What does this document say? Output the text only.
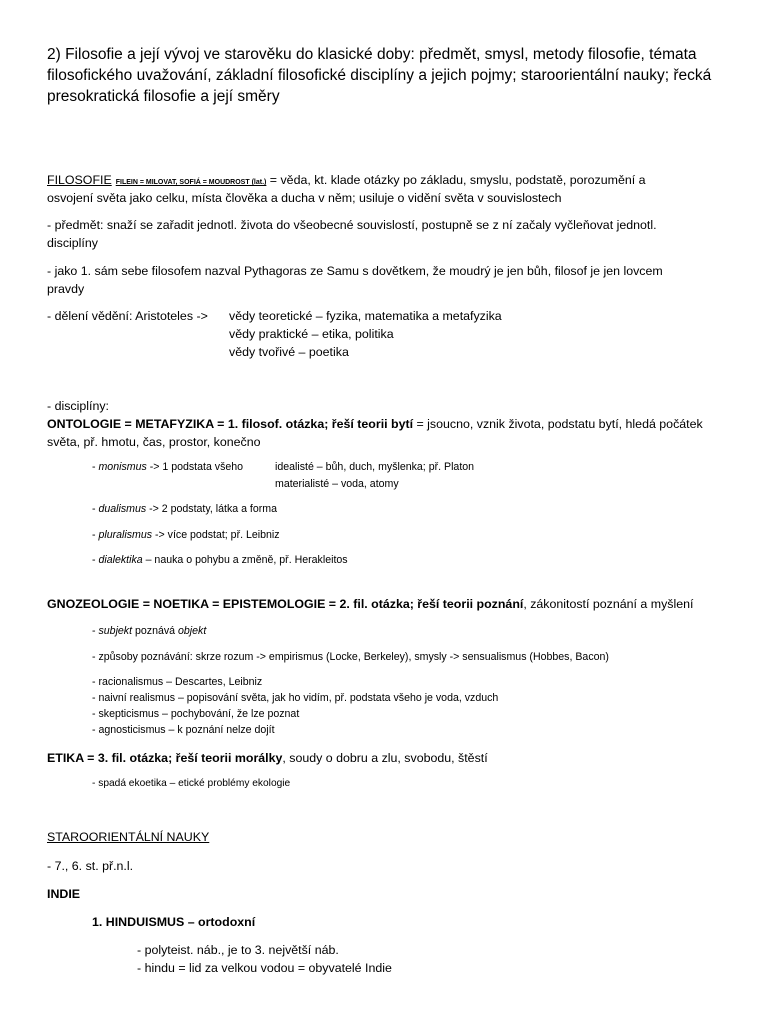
2) Filosofie a její vývoj ve starověku do klasické doby: předmět, smysl, metody filosofie, témata filosofického uvažování, základní filosofické disciplíny a jejich pojmy; staroorientální nauky; řecká presokratická filosofie a její směry
FILOSOFIE FILEIN = MILOVAT, SOFIÁ = MOUDROST (lat.) = věda, kt. klade otázky po základu, smyslu, podstatě, porozumění a
osvojení světa jako celku, místa člověka a ducha v něm; usiluje o vidění světa v souvislostech
- předmět: snaží se zařadit jednotl. života do všeobecné souvislostí, postupně se z ní začaly vyčleňovat jednotl.
disciplíny
- jako 1. sám sebe filosofem nazval Pythagoras ze Samu s dovětkem, že moudrý je jen bůh, filosof je jen lovcem
pravdy
- dělení vědění: Aristoteles -> vědy teoretické – fyzika, matematika a metafyzika
vědy praktické – etika, politika
vědy tvořivé – poetika
- disciplíny:
ONTOLOGIE = METAFYZIKA = 1. filosof. otázka; řeší teorii bytí = jsoucno, vznik života, podstatu bytí, hledá počátek
světa, př. hmotu, čas, prostor, konečno
- monismus -> 1 podstata všeho	idealisté – bůh, duch, myšlenka; př. Platon
materialisté – voda, atomy
- dualismus -> 2 podstaty, látka a forma
- pluralismus -> více podstat; př. Leibniz
- dialektika – nauka o pohybu a změně, př. Herakleitos
GNOZEOLOGIE = NOETIKA = EPISTEMOLOGIE = 2. fil. otázka; řeší teorii poznání, zákonitostí poznání a myšlení
- subjekt poznává objekt
- způsoby poznávání: skrze rozum -> empirismus (Locke, Berkeley), smysly -> sensualismus (Hobbes, Bacon)
- racionalismus – Descartes, Leibniz
- naivní realismus – popisování světa, jak ho vidím, př. podstata všeho je voda, vzduch
- skepticismus – pochybování, že lze poznat
- agnosticismus – k poznání nelze dojít
ETIKA = 3. fil. otázka; řeší teorii morálky, soudy o dobru a zlu, svobodu, štěstí
- spadá ekoetika – etické problémy ekologie
STAROORIENTÁLNÍ NAUKY
- 7., 6. st. př.n.l.
INDIE
1. HINDUISMUS – ortodoxní
- polyteist. náb., je to 3. největší náb.
- hindu = lid za velkou vodou = obyvatelé Indie
